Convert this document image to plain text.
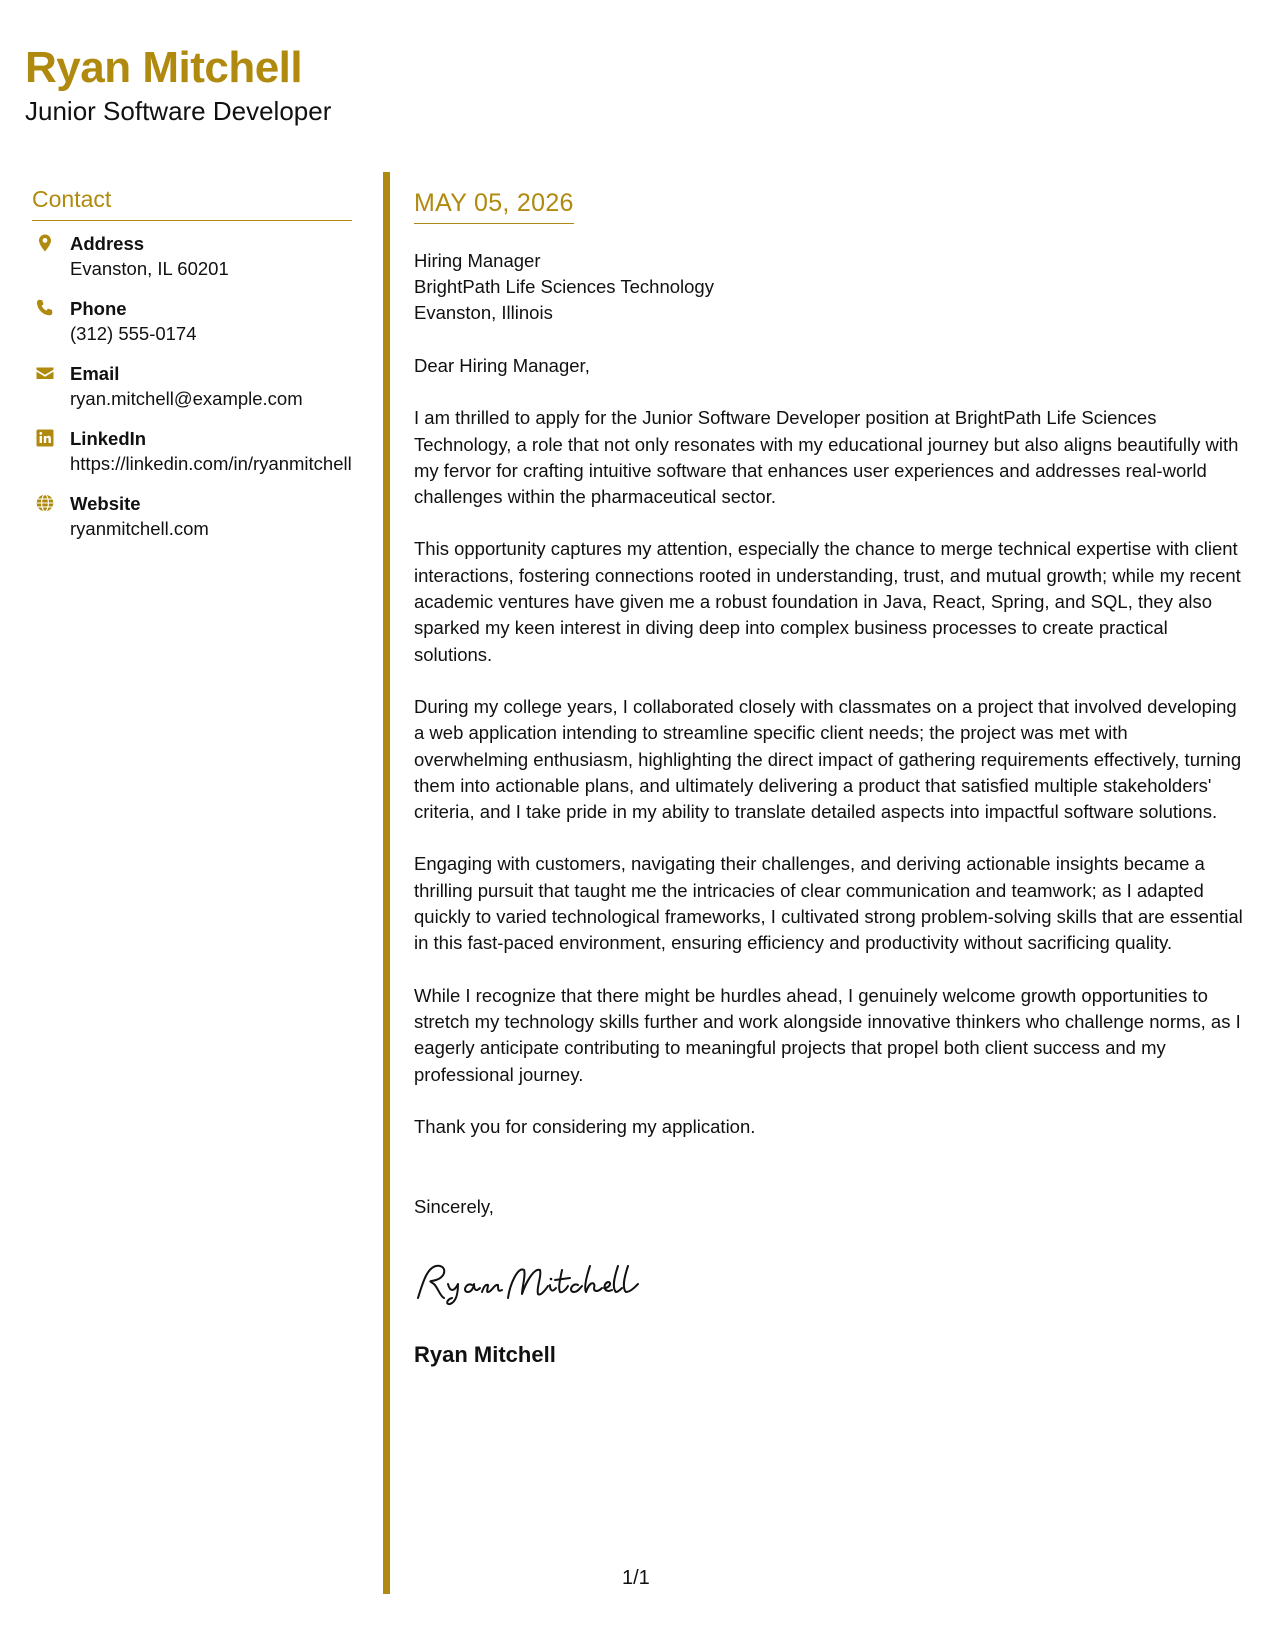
Ryan Mitchell
Junior Software Developer
Contact
Address
Evanston, IL 60201
Phone
(312) 555-0174
Email
ryan.mitchell@example.com
LinkedIn
https://linkedin.com/in/ryanmitchell
Website
ryanmitchell.com
MAY 05, 2026

Hiring Manager

BrightPath Life Sciences Technology

Evanston, Illinois

Dear Hiring Manager,

I am thrilled to apply for the Junior Software Developer position at BrightPath Life Sciences Technology, a role that not only resonates with my educational journey but also aligns beautifully with my fervor for crafting intuitive software that enhances user experiences and addresses real-world challenges within the pharmaceutical sector.

This opportunity captures my attention, especially the chance to merge technical expertise with client interactions, fostering connections rooted in understanding, trust, and mutual growth; while my recent academic ventures have given me a robust foundation in Java, React, Spring, and SQL, they also sparked my keen interest in diving deep into complex business processes to create practical solutions.

During my college years, I collaborated closely with classmates on a project that involved developing a web application intending to streamline specific client needs; the project was met with overwhelming enthusiasm, highlighting the direct impact of gathering requirements effectively, turning them into actionable plans, and ultimately delivering a product that satisfied multiple stakeholders' criteria, and I take pride in my ability to translate detailed aspects into impactful software solutions.

Engaging with customers, navigating their challenges, and deriving actionable insights became a thrilling pursuit that taught me the intricacies of clear communication and teamwork; as I adapted quickly to varied technological frameworks, I cultivated strong problem-solving skills that are essential in this fast-paced environment, ensuring efficiency and productivity without sacrificing quality.

While I recognize that there might be hurdles ahead, I genuinely welcome growth opportunities to stretch my technology skills further and work alongside innovative thinkers who challenge norms, as I eagerly anticipate contributing to meaningful projects that propel both client success and my professional journey.

Thank you for considering my application.

Sincerely,

Ryan Mitchell

1/1
